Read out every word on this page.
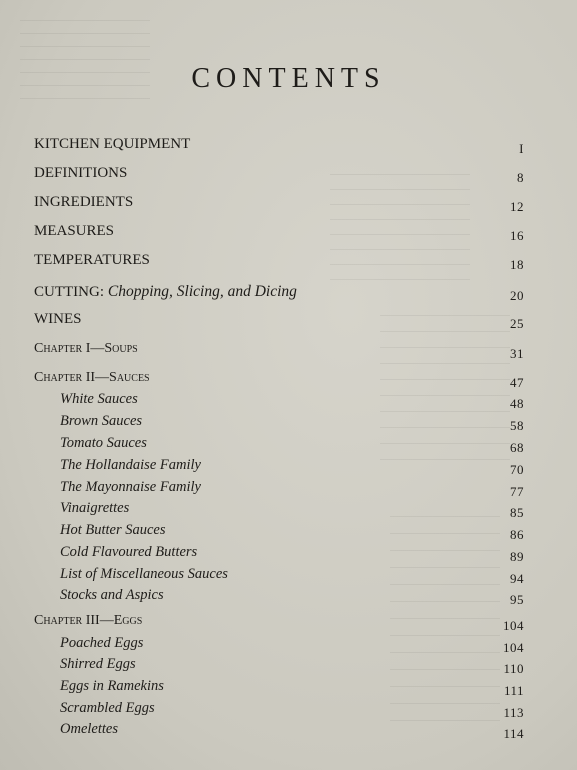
CONTENTS
KITCHEN EQUIPMENT	I
DEFINITIONS	8
INGREDIENTS	12
MEASURES	16
TEMPERATURES	18
CUTTING: Chopping, Slicing, and Dicing	20
WINES	25
Chapter I—Soups	31
Chapter II—Sauces	47
White Sauces	48
Brown Sauces	58
Tomato Sauces	68
The Hollandaise Family	70
The Mayonnaise Family	77
Vinaigrettes	85
Hot Butter Sauces	86
Cold Flavoured Butters	89
List of Miscellaneous Sauces	94
Stocks and Aspics	95
Chapter III—Eggs	104
Poached Eggs	104
Shirred Eggs	110
Eggs in Ramekins	111
Scrambled Eggs	113
Omelettes	114
